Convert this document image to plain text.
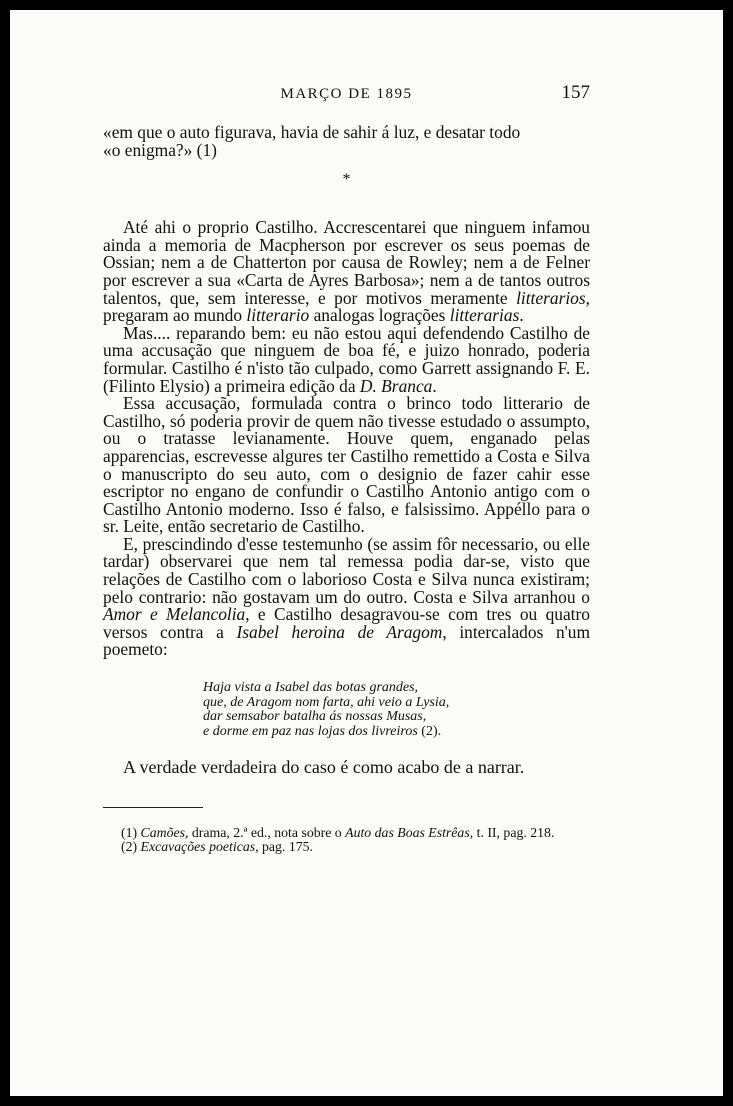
MARÇO DE 1895	157

«em que o auto figurava, havia de sahir á luz, e desatar todo
«o enigma?» (1)

*

Até ahi o proprio Castilho. Accrescentarei que ninguem infamou ainda a memoria de Macpherson por escrever os seus poemas de Ossian; nem a de Chatterton por causa de Rowley; nem a de Felner por escrever a sua «Carta de Ayres Barbosa»; nem a de tantos outros talentos, que, sem interesse, e por motivos meramente litterarios, pregaram ao mundo litterario analogas lograções litterarias.

Mas.... reparando bem: eu não estou aqui defendendo Castilho de uma accusação que ninguem de boa fé, e juizo honrado, poderia formular. Castilho é n'isto tão culpado, como Garrett assignando F. E. (Filinto Elysio) a primeira edição da D. Branca.

Essa accusação, formulada contra o brinco todo litterario de Castilho, só poderia provir de quem não tivesse estudado o assumpto, ou o tratasse levianamente. Houve quem, enganado pelas apparencias, escrevesse algures ter Castilho remettido a Costa e Silva o manuscripto do seu auto, com o designio de fazer cahir esse escriptor no engano de confundir o Castilho Antonio antigo com o Castilho Antonio moderno. Isso é falso, e falsissimo. Appéllo para o sr. Leite, então secretario de Castilho.

E, prescindindo d'esse testemunho (se assim fôr necessario, ou elle tardar) observarei que nem tal remessa podia dar-se, visto que relações de Castilho com o laborioso Costa e Silva nunca existiram; pelo contrario: não gostavam um do outro. Costa e Silva arranhou o Amor e Melancolia, e Castilho desagravou-se com tres ou quatro versos contra a Isabel heroina de Aragom, intercalados n'um poemeto:

Haja vista a Isabel das botas grandes,
que, de Aragom nom farta, ahi veio a Lysia,
dar semsabor batalha ás nossas Musas,
e dorme em paz nas lojas dos livreiros (2).

A verdade verdadeira do caso é como acabo de a narrar.

(1) Camões, drama, 2.ª ed., nota sobre o Auto das Boas Estrêas, t. II, pag. 218.

(2) Excavações poeticas, pag. 175.
